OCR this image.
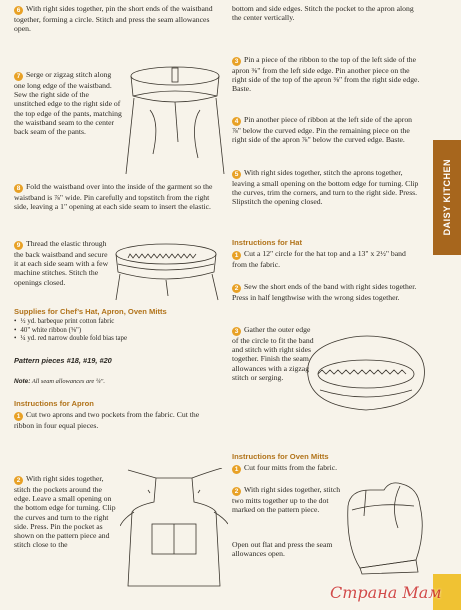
6 With right sides together, pin the short ends of the waistband together, forming a circle. Stitch and press the seam allowances open.
7 Serge or zigzag stitch along one long edge of the waistband. Sew the right side of the unstitched edge to the right side of the top edge of the pants, matching the waistband seam to the center back seam of the pants.
8 Fold the waistband over into the inside of the garment so the waistband is ⅞" wide. Pin carefully and topstitch from the right side, leaving a 1" opening at each side seam to insert the elastic.
9 Thread the elastic through the back waistband and secure it at each side seam with a few machine stitches. Stitch the openings closed.
Supplies for Chef’s Hat, Apron, Oven Mitts
• ½ yd. barbeque print cotton fabric
• 40" white ribbon (⅝")
• ¼ yd. red narrow double fold bias tape
Pattern pieces #18, #19, #20
Note: All seam allowances are ¼".
Instructions for Apron
1 Cut two aprons and two pockets from the fabric. Cut the ribbon in four equal pieces.
2 With right sides together, stitch the pockets around the edge. Leave a small opening on the bottom edge for turning. Clip the curves and turn to the right side. Press. Pin the pocket as shown on the pattern piece and stitch close to the
bottom and side edges. Stitch the pocket to the apron along the center vertically.
3 Pin a piece of the ribbon to the top of the left side of the apron ⅜" from the left side edge. Pin another piece on the right side of the top of the apron ⅜" from the right side edge. Baste.
4 Pin another piece of ribbon at the left side of the apron ⅞" below the curved edge. Pin the remaining piece on the right side of the apron ⅞" below the curved edge. Baste.
5 With right sides together, stitch the aprons together, leaving a small opening on the bottom edge for turning. Clip the curves, trim the corners, and turn to the right side. Press. Slipstitch the opening closed.
Instructions for Hat
1 Cut a 12" circle for the hat top and a 13" x 2½" band from the fabric.
2 Sew the short ends of the band with right sides together. Press in half lengthwise with the wrong sides together.
3 Gather the outer edge of the circle to fit the band and stitch with right sides together. Finish the seam allowances with a zigzag stitch or serging.
Instructions for Oven Mitts
1 Cut four mitts from the fabric.
2 With right sides together, stitch two mitts together up to the dot marked on the pattern piece.
Open out flat and press the seam allowances open.
DAISY KITCHEN
Страна Мам
